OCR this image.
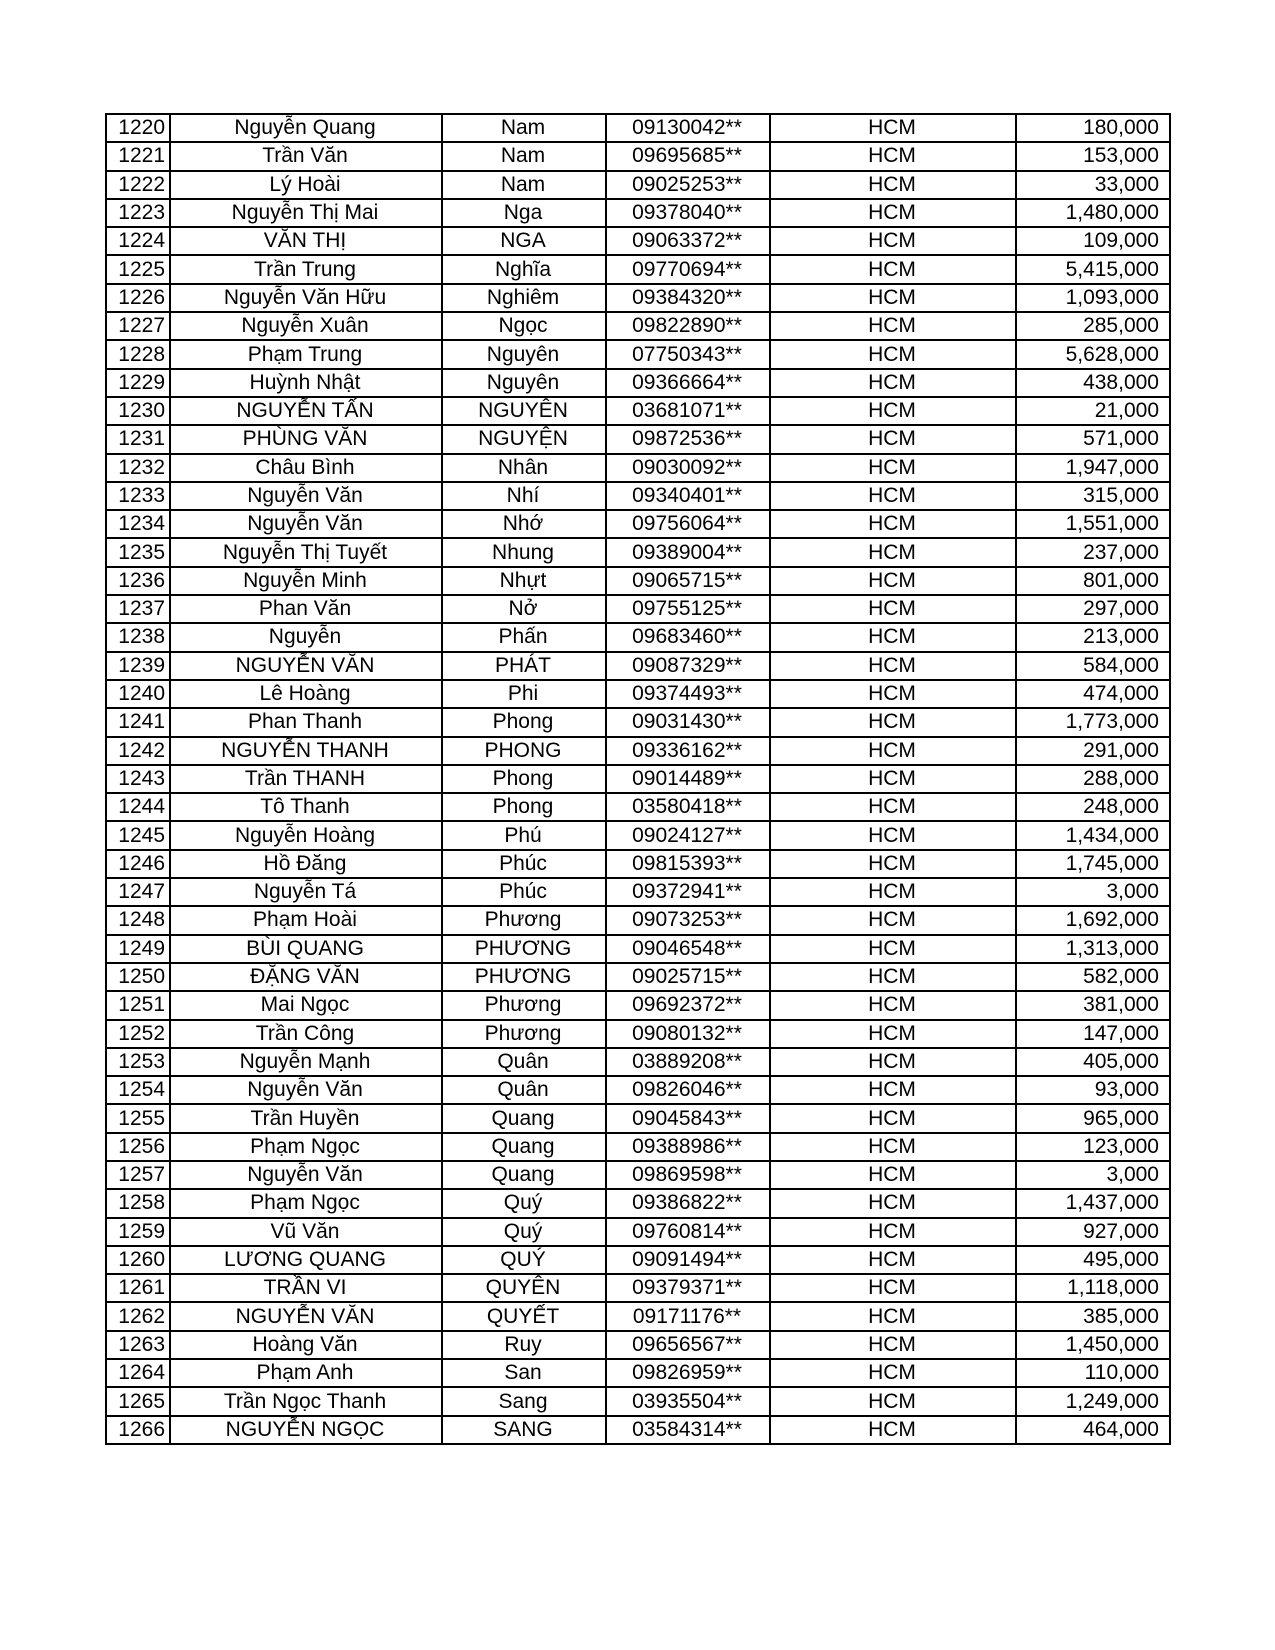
1220	Nguyễn Quang	Nam	09130042**	HCM	180,000
1221	Trần Văn	Nam	09695685**	HCM	153,000
1222	Lý Hoài	Nam	09025253**	HCM	33,000
1223	Nguyễn Thị Mai	Nga	09378040**	HCM	1,480,000
1224	VĂN THỊ	NGA	09063372**	HCM	109,000
1225	Trần Trung	Nghĩa	09770694**	HCM	5,415,000
1226	Nguyễn Văn Hữu	Nghiêm	09384320**	HCM	1,093,000
1227	Nguyễn Xuân	Ngọc	09822890**	HCM	285,000
1228	Phạm Trung	Nguyên	07750343**	HCM	5,628,000
1229	Huỳnh Nhật	Nguyên	09366664**	HCM	438,000
1230	NGUYỄN TẤN	NGUYÊN	03681071**	HCM	21,000
1231	PHÙNG VĂN	NGUYỆN	09872536**	HCM	571,000
1232	Châu Bình	Nhân	09030092**	HCM	1,947,000
1233	Nguyễn Văn	Nhí	09340401**	HCM	315,000
1234	Nguyễn Văn	Nhớ	09756064**	HCM	1,551,000
1235	Nguyễn Thị Tuyết	Nhung	09389004**	HCM	237,000
1236	Nguyễn Minh	Nhựt	09065715**	HCM	801,000
1237	Phan Văn	Nở	09755125**	HCM	297,000
1238	Nguyễn	Phấn	09683460**	HCM	213,000
1239	NGUYỄN VĂN	PHÁT	09087329**	HCM	584,000
1240	Lê Hoàng	Phi	09374493**	HCM	474,000
1241	Phan Thanh	Phong	09031430**	HCM	1,773,000
1242	NGUYỄN THANH	PHONG	09336162**	HCM	291,000
1243	Trần THANH	Phong	09014489**	HCM	288,000
1244	Tô Thanh	Phong	03580418**	HCM	248,000
1245	Nguyễn Hoàng	Phú	09024127**	HCM	1,434,000
1246	Hồ Đăng	Phúc	09815393**	HCM	1,745,000
1247	Nguyễn Tá	Phúc	09372941**	HCM	3,000
1248	Phạm Hoài	Phương	09073253**	HCM	1,692,000
1249	BÙI QUANG	PHƯƠNG	09046548**	HCM	1,313,000
1250	ĐẶNG VĂN	PHƯƠNG	09025715**	HCM	582,000
1251	Mai Ngọc	Phương	09692372**	HCM	381,000
1252	Trần Công	Phương	09080132**	HCM	147,000
1253	Nguyễn Mạnh	Quân	03889208**	HCM	405,000
1254	Nguyễn Văn	Quân	09826046**	HCM	93,000
1255	Trần Huyền	Quang	09045843**	HCM	965,000
1256	Phạm Ngọc	Quang	09388986**	HCM	123,000
1257	Nguyễn Văn	Quang	09869598**	HCM	3,000
1258	Phạm Ngọc	Quý	09386822**	HCM	1,437,000
1259	Vũ Văn	Quý	09760814**	HCM	927,000
1260	LƯƠNG QUANG	QUÝ	09091494**	HCM	495,000
1261	TRẦN VI	QUYÊN	09379371**	HCM	1,118,000
1262	NGUYỄN VĂN	QUYẾT	09171176**	HCM	385,000
1263	Hoàng Văn	Ruy	09656567**	HCM	1,450,000
1264	Phạm Anh	San	09826959**	HCM	110,000
1265	Trần Ngọc Thanh	Sang	03935504**	HCM	1,249,000
1266	NGUYỄN NGỌC	SANG	03584314**	HCM	464,000
